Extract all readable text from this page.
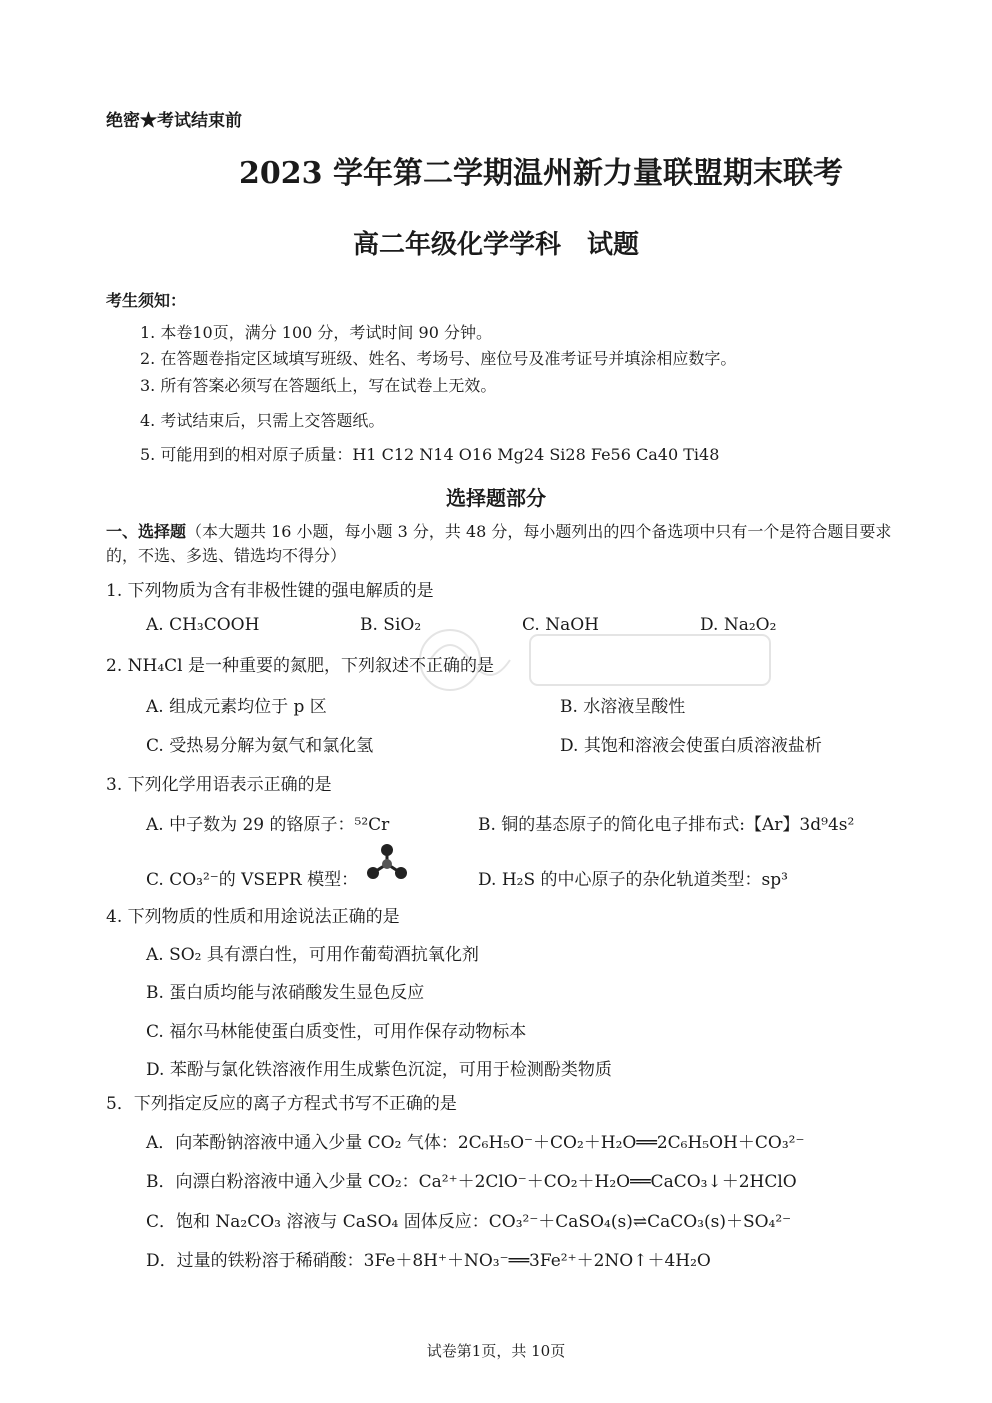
绝密★考试结束前
2023 学年第二学期温州新力量联盟期末联考
高二年级化学学科　试题
考生须知：
1. 本卷10页，满分 100 分，考试时间 90 分钟。
2. 在答题卷指定区域填写班级、姓名、考场号、座位号及准考证号并填涂相应数字。
3. 所有答案必须写在答题纸上，写在试卷上无效。
4. 考试结束后，只需上交答题纸。
5. 可能用到的相对原子质量：H1 C12 N14 O16 Mg24 Si28 Fe56 Ca40 Ti48
选择题部分
一、选择题（本大题共 16 小题，每小题 3 分，共 48 分，每小题列出的四个备选项中只有一个是符合题目要求的，不选、多选、错选均不得分）
1. 下列物质为含有非极性键的强电解质的是
A. CH₃COOH	B. SiO₂	C. NaOH	D. Na₂O₂
2. NH₄Cl 是一种重要的氮肥，下列叙述不正确的是
A. 组成元素均位于 p 区	B. 水溶液呈酸性
C. 受热易分解为氨气和氯化氢	D. 其饱和溶液会使蛋白质溶液盐析
3. 下列化学用语表示正确的是
A. 中子数为 29 的铬原子：⁵²Cr	B. 铜的基态原子的简化电子排布式:【Ar】3d⁹4s²
C. CO₃²⁻的 VSEPR 模型：	D. H₂S 的中心原子的杂化轨道类型：sp³
4. 下列物质的性质和用途说法正确的是
A. SO₂ 具有漂白性，可用作葡萄酒抗氧化剂
B. 蛋白质均能与浓硝酸发生显色反应
C. 福尔马林能使蛋白质变性，可用作保存动物标本
D. 苯酚与氯化铁溶液作用生成紫色沉淀，可用于检测酚类物质
5．下列指定反应的离子方程式书写不正确的是
A．向苯酚钠溶液中通入少量 CO₂ 气体：2C₆H₅O⁻＋CO₂＋H₂O══2C₆H₅OH＋CO₃²⁻
B．向漂白粉溶液中通入少量 CO₂：Ca²⁺＋2ClO⁻＋CO₂＋H₂O══CaCO₃↓＋2HClO
C．饱和 Na₂CO₃ 溶液与 CaSO₄ 固体反应：CO₃²⁻＋CaSO₄(s)⇌CaCO₃(s)＋SO₄²⁻
D．过量的铁粉溶于稀硝酸：3Fe＋8H⁺＋NO₃⁻══3Fe²⁺＋2NO↑＋4H₂O
试卷第1页，共 10页
